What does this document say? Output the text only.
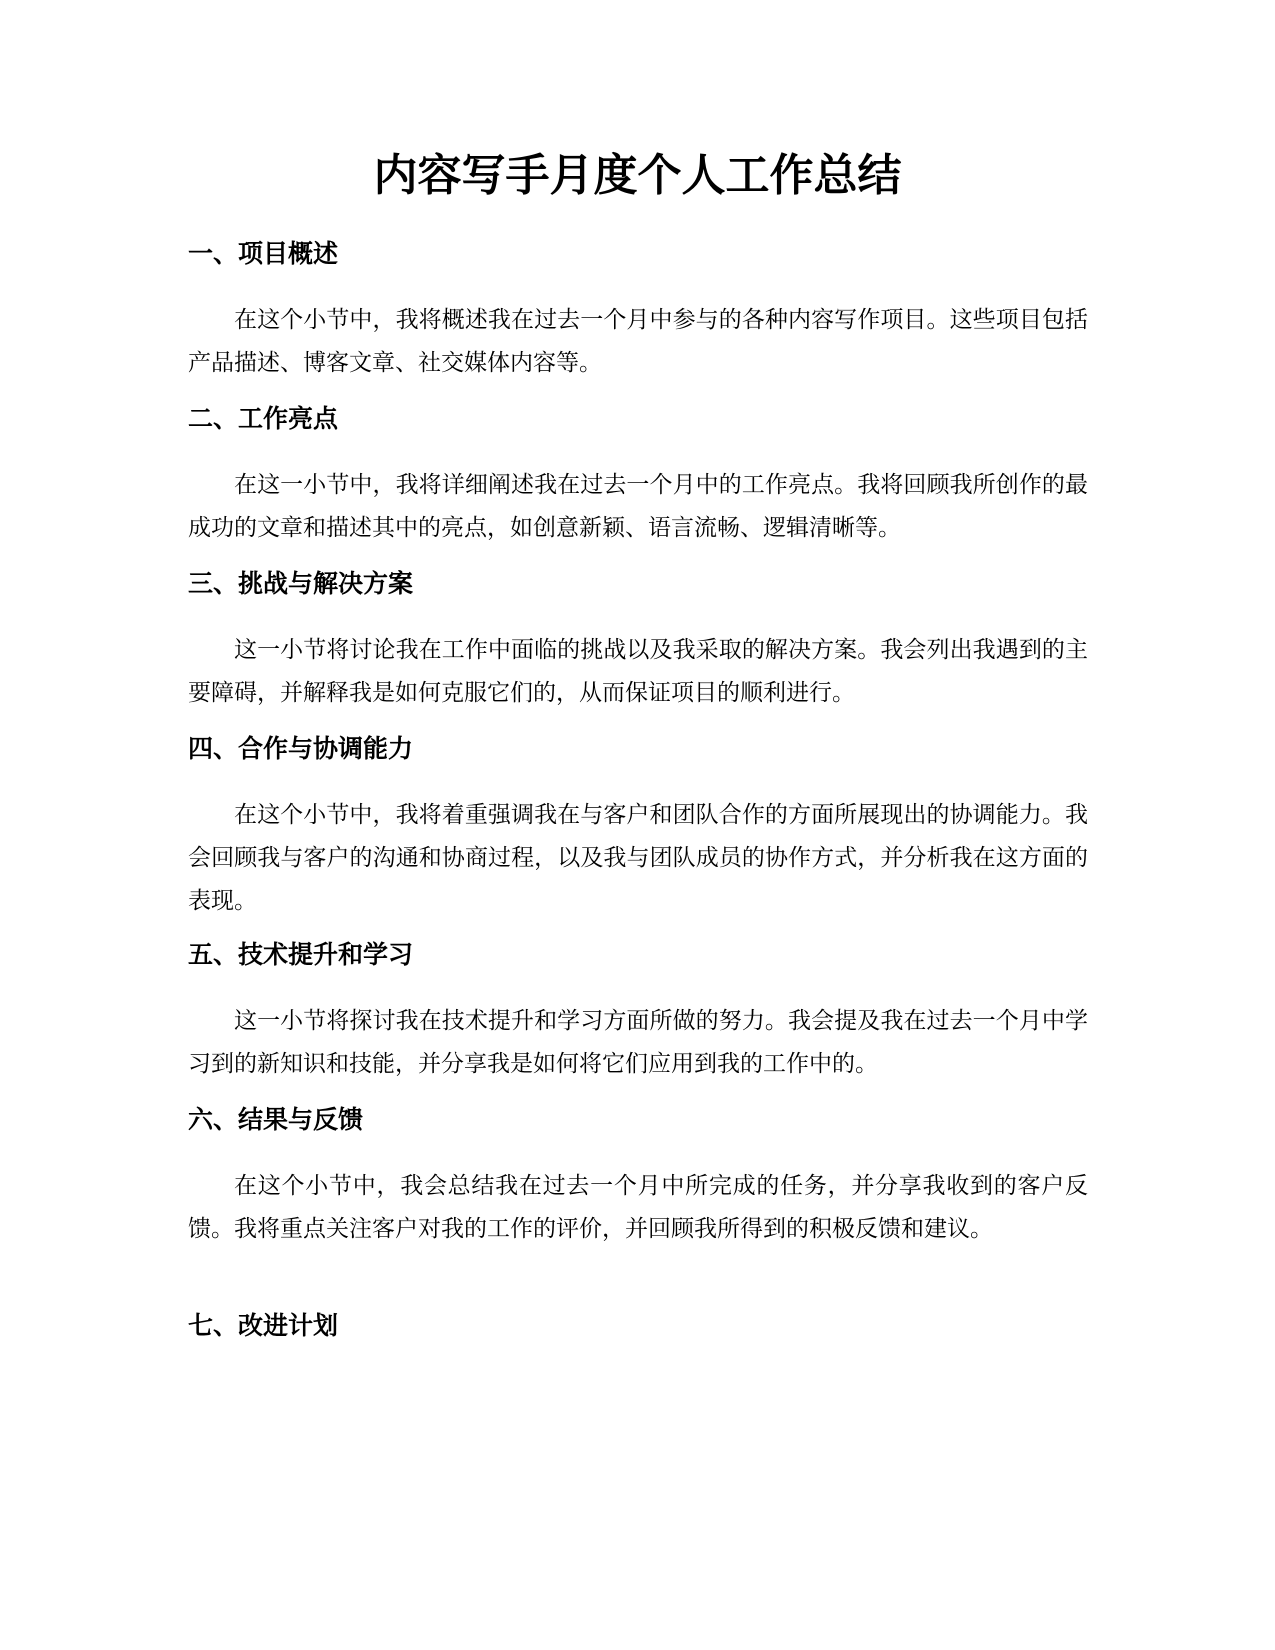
内容写手月度个人工作总结
一、项目概述

在这个小节中，我将概述我在过去一个月中参与的各种内容写作项目。这些项目包括产品描述、博客文章、社交媒体内容等。

二、工作亮点

在这一小节中，我将详细阐述我在过去一个月中的工作亮点。我将回顾我所创作的最成功的文章和描述其中的亮点，如创意新颖、语言流畅、逻辑清晰等。

三、挑战与解决方案

这一小节将讨论我在工作中面临的挑战以及我采取的解决方案。我会列出我遇到的主要障碍，并解释我是如何克服它们的，从而保证项目的顺利进行。

四、合作与协调能力

在这个小节中，我将着重强调我在与客户和团队合作的方面所展现出的协调能力。我会回顾我与客户的沟通和协商过程，以及我与团队成员的协作方式，并分析我在这方面的表现。

五、技术提升和学习

这一小节将探讨我在技术提升和学习方面所做的努力。我会提及我在过去一个月中学习到的新知识和技能，并分享我是如何将它们应用到我的工作中的。

六、结果与反馈

在这个小节中，我会总结我在过去一个月中所完成的任务，并分享我收到的客户反馈。我将重点关注客户对我的工作的评价，并回顾我所得到的积极反馈和建议。

七、改进计划
